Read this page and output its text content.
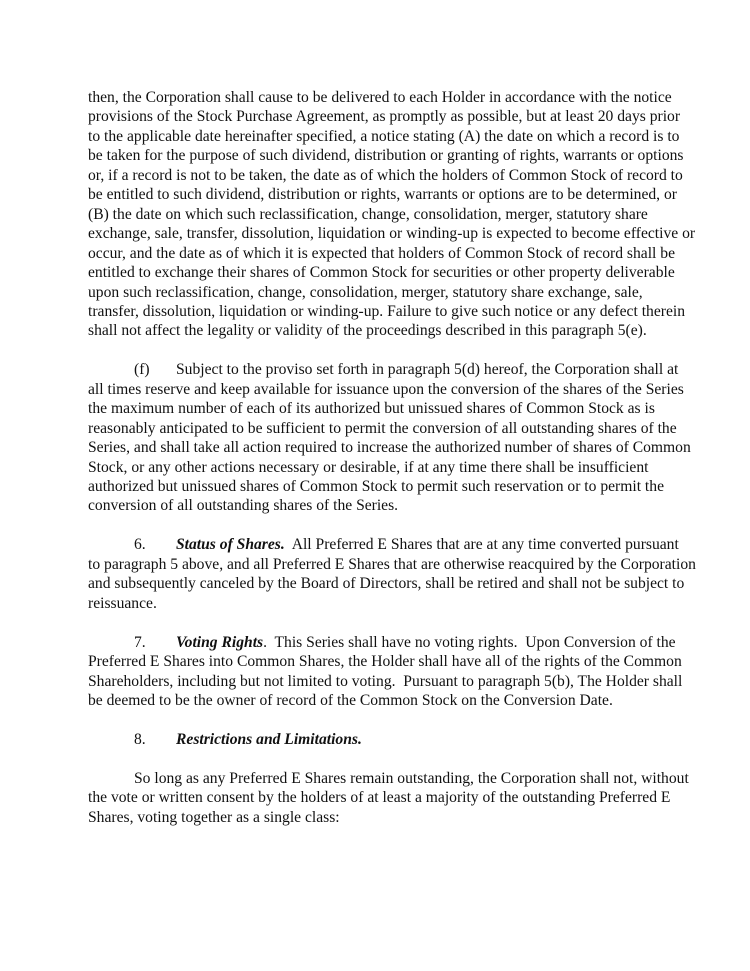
then, the Corporation shall cause to be delivered to each Holder in accordance with the notice
provisions of the Stock Purchase Agreement, as promptly as possible, but at least 20 days prior
to the applicable date hereinafter specified, a notice stating (A) the date on which a record is to
be taken for the purpose of such dividend, distribution or granting of rights, warrants or options
or, if a record is not to be taken, the date as of which the holders of Common Stock of record to
be entitled to such dividend, distribution or rights, warrants or options are to be determined, or
(B) the date on which such reclassification, change, consolidation, merger, statutory share
exchange, sale, transfer, dissolution, liquidation or winding-up is expected to become effective or
occur, and the date as of which it is expected that holders of Common Stock of record shall be
entitled to exchange their shares of Common Stock for securities or other property deliverable
upon such reclassification, change, consolidation, merger, statutory share exchange, sale,
transfer, dissolution, liquidation or winding-up. Failure to give such notice or any defect therein
shall not affect the legality or validity of the proceedings described in this paragraph 5(e).
(f) Subject to the proviso set forth in paragraph 5(d) hereof, the Corporation shall at
all times reserve and keep available for issuance upon the conversion of the shares of the Series
the maximum number of each of its authorized but unissued shares of Common Stock as is
reasonably anticipated to be sufficient to permit the conversion of all outstanding shares of the
Series, and shall take all action required to increase the authorized number of shares of Common
Stock, or any other actions necessary or desirable, if at any time there shall be insufficient
authorized but unissued shares of Common Stock to permit such reservation or to permit the
conversion of all outstanding shares of the Series.
6. Status of Shares.  All Preferred E Shares that are at any time converted pursuant
to paragraph 5 above, and all Preferred E Shares that are otherwise reacquired by the Corporation
and subsequently canceled by the Board of Directors, shall be retired and shall not be subject to
reissuance.
7. Voting Rights.  This Series shall have no voting rights.  Upon Conversion of the
Preferred E Shares into Common Shares, the Holder shall have all of the rights of the Common
Shareholders, including but not limited to voting.  Pursuant to paragraph 5(b), The Holder shall
be deemed to be the owner of record of the Common Stock on the Conversion Date.
8. Restrictions and Limitations.
So long as any Preferred E Shares remain outstanding, the Corporation shall not, without
the vote or written consent by the holders of at least a majority of the outstanding Preferred E
Shares, voting together as a single class:
